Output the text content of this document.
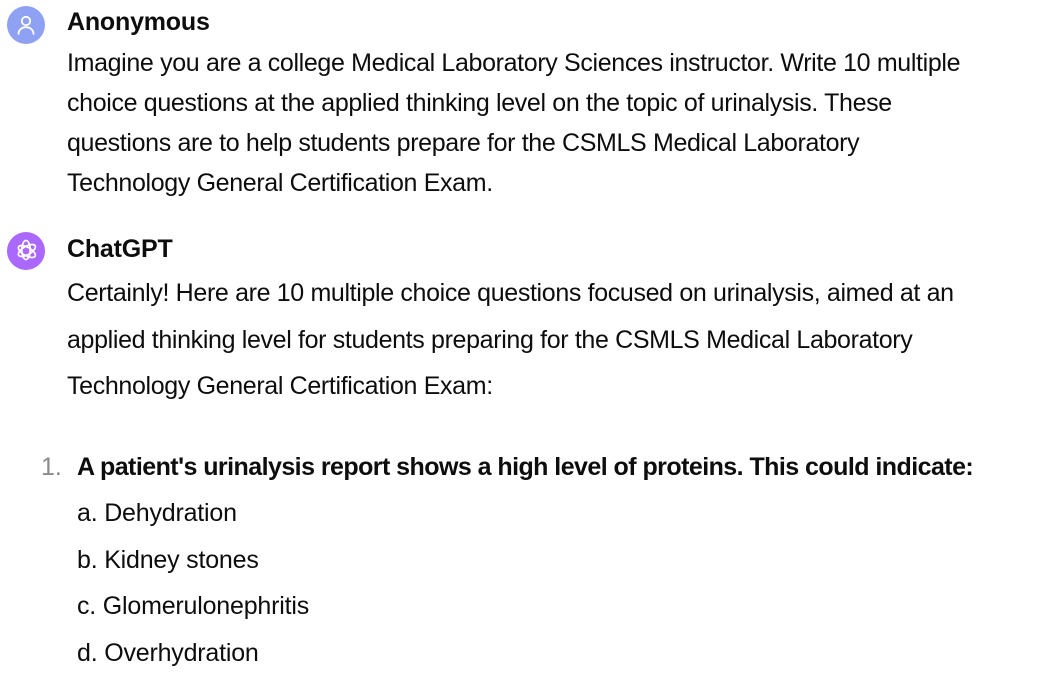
Anonymous
Imagine you are a college Medical Laboratory Sciences instructor. Write 10 multiple
choice questions at the applied thinking level on the topic of urinalysis. These
questions are to help students prepare for the CSMLS Medical Laboratory
Technology General Certification Exam.
ChatGPT
Certainly! Here are 10 multiple choice questions focused on urinalysis, aimed at an
applied thinking level for students preparing for the CSMLS Medical Laboratory
Technology General Certification Exam:
1. A patient's urinalysis report shows a high level of proteins. This could indicate:
a. Dehydration
b. Kidney stones
c. Glomerulonephritis
d. Overhydration
